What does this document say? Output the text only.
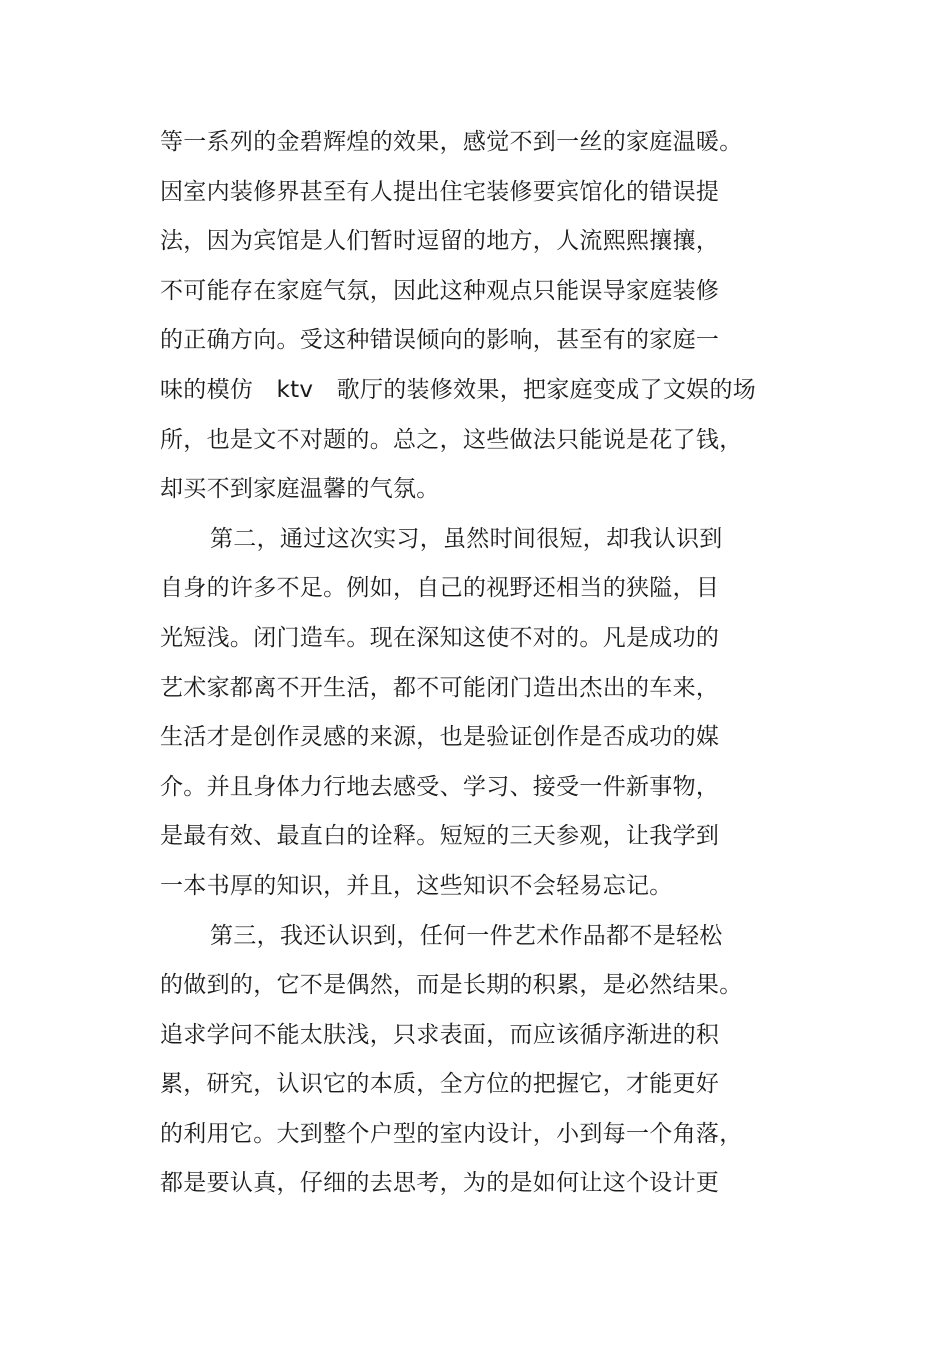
等一系列的金碧辉煌的效果，感觉不到一丝的家庭温暖。
因室内装修界甚至有人提出住宅装修要宾馆化的错误提
法，因为宾馆是人们暂时逗留的地方，人流熙熙攘攘，
不可能存在家庭气氛，因此这种观点只能误导家庭装修
的正确方向。受这种错误倾向的影响，甚至有的家庭一
味的模仿　ktv　歌厅的装修效果，把家庭变成了文娱的场
所，也是文不对题的。总之，这些做法只能说是花了钱，
却买不到家庭温馨的气氛。
第二，通过这次实习，虽然时间很短，却我认识到
自身的许多不足。例如，自己的视野还相当的狭隘，目
光短浅。闭门造车。现在深知这使不对的。凡是成功的
艺术家都离不开生活，都不可能闭门造出杰出的车来，
生活才是创作灵感的来源，也是验证创作是否成功的媒
介。并且身体力行地去感受、学习、接受一件新事物，
是最有效、最直白的诠释。短短的三天参观，让我学到
一本书厚的知识，并且，这些知识不会轻易忘记。
第三，我还认识到，任何一件艺术作品都不是轻松
的做到的，它不是偶然，而是长期的积累，是必然结果。
追求学问不能太肤浅，只求表面，而应该循序渐进的积
累，研究，认识它的本质，全方位的把握它，才能更好
的利用它。大到整个户型的室内设计，小到每一个角落，
都是要认真，仔细的去思考，为的是如何让这个设计更
